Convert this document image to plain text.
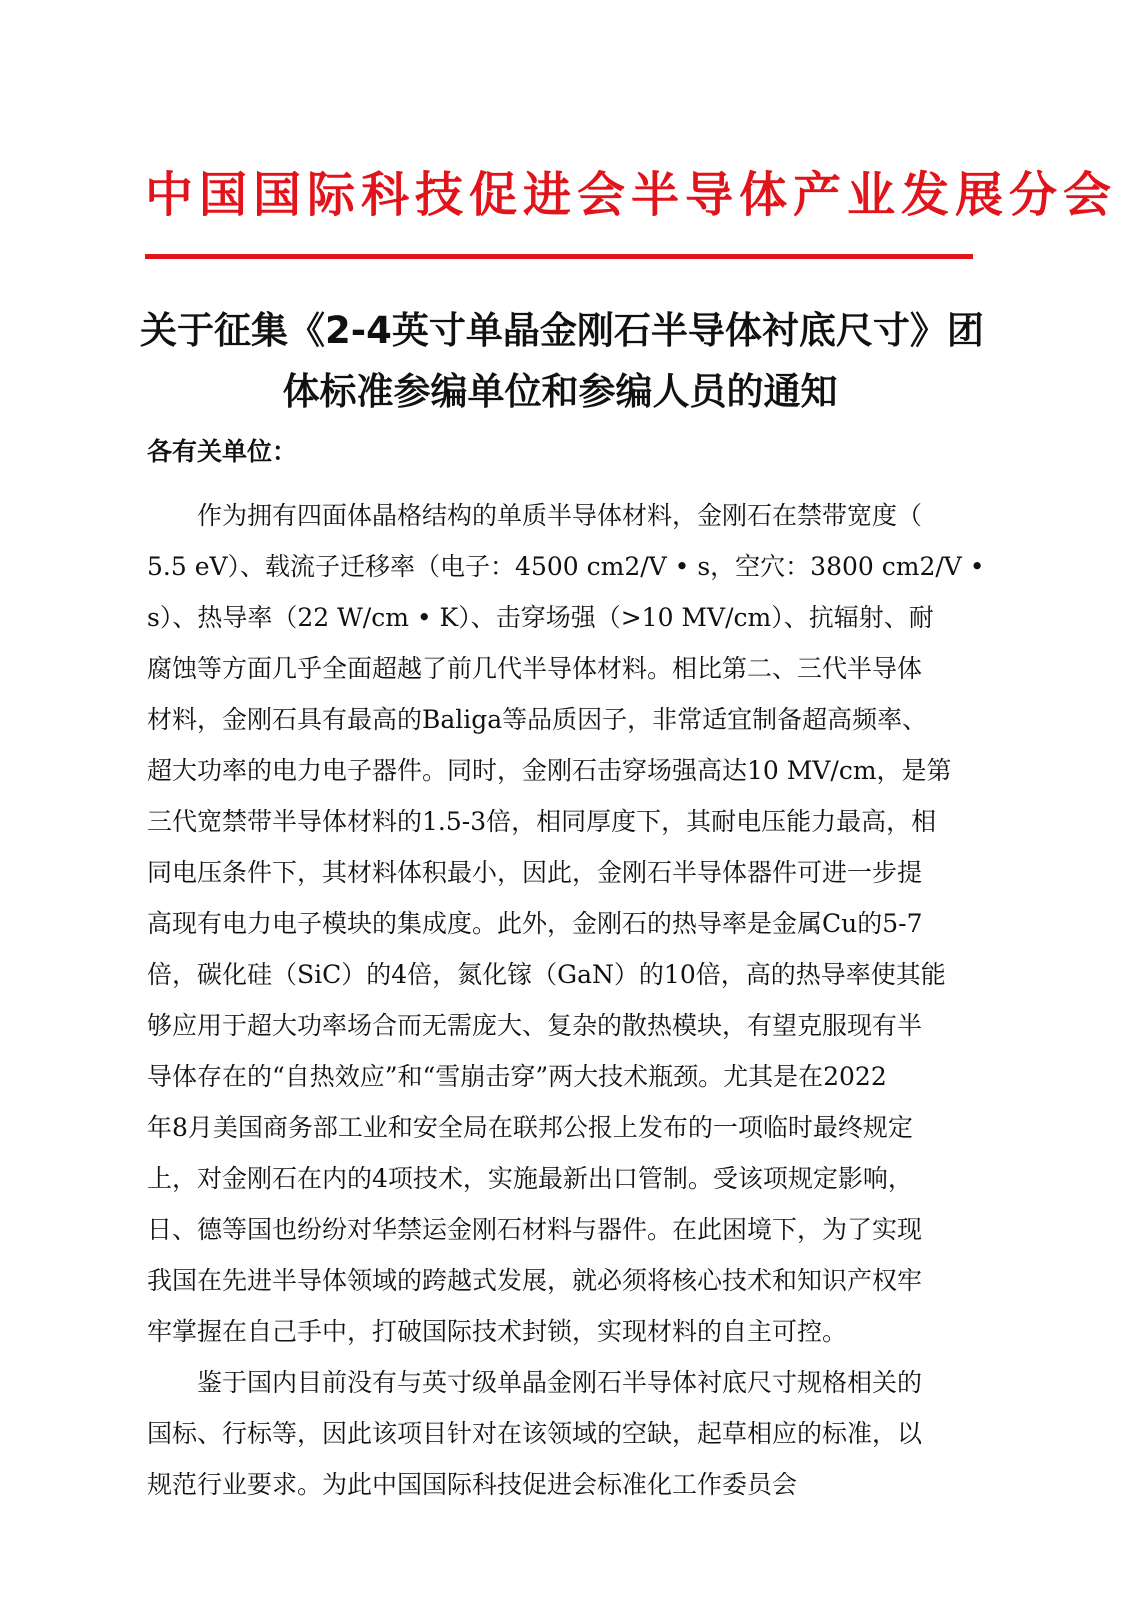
中国国际科技促进会半导体产业发展分会
关于征集《2-4英寸单晶金刚石半导体衬底尺寸》团
体标准参编单位和参编人员的通知
各有关单位：
作为拥有四面体晶格结构的单质半导体材料，金刚石在禁带宽度（
5.5 eV）、载流子迁移率（电子：4500 cm2/V • s，空穴：3800 cm2/V •
s）、热导率（22 W/cm • K）、击穿场强（>10 MV/cm）、抗辐射、耐
腐蚀等方面几乎全面超越了前几代半导体材料。相比第二、三代半导体
材料，金刚石具有最高的Baliga等品质因子，非常适宜制备超高频率、
超大功率的电力电子器件。同时，金刚石击穿场强高达10 MV/cm，是第
三代宽禁带半导体材料的1.5-3倍，相同厚度下，其耐电压能力最高，相
同电压条件下，其材料体积最小，因此，金刚石半导体器件可进一步提
高现有电力电子模块的集成度。此外，金刚石的热导率是金属Cu的5-7
倍，碳化硅（SiC）的4倍，氮化镓（GaN）的10倍，高的热导率使其能
够应用于超大功率场合而无需庞大、复杂的散热模块，有望克服现有半
导体存在的“自热效应”和“雪崩击穿”两大技术瓶颈。尤其是在2022
年8月美国商务部工业和安全局在联邦公报上发布的一项临时最终规定
上，对金刚石在内的4项技术，实施最新出口管制。受该项规定影响，
日、德等国也纷纷对华禁运金刚石材料与器件。在此困境下，为了实现
我国在先进半导体领域的跨越式发展，就必须将核心技术和知识产权牢
牢掌握在自己手中，打破国际技术封锁，实现材料的自主可控。
鉴于国内目前没有与英寸级单晶金刚石半导体衬底尺寸规格相关的
国标、行标等，因此该项目针对在该领域的空缺，起草相应的标准，以
规范行业要求。为此中国国际科技促进会标准化工作委员会
